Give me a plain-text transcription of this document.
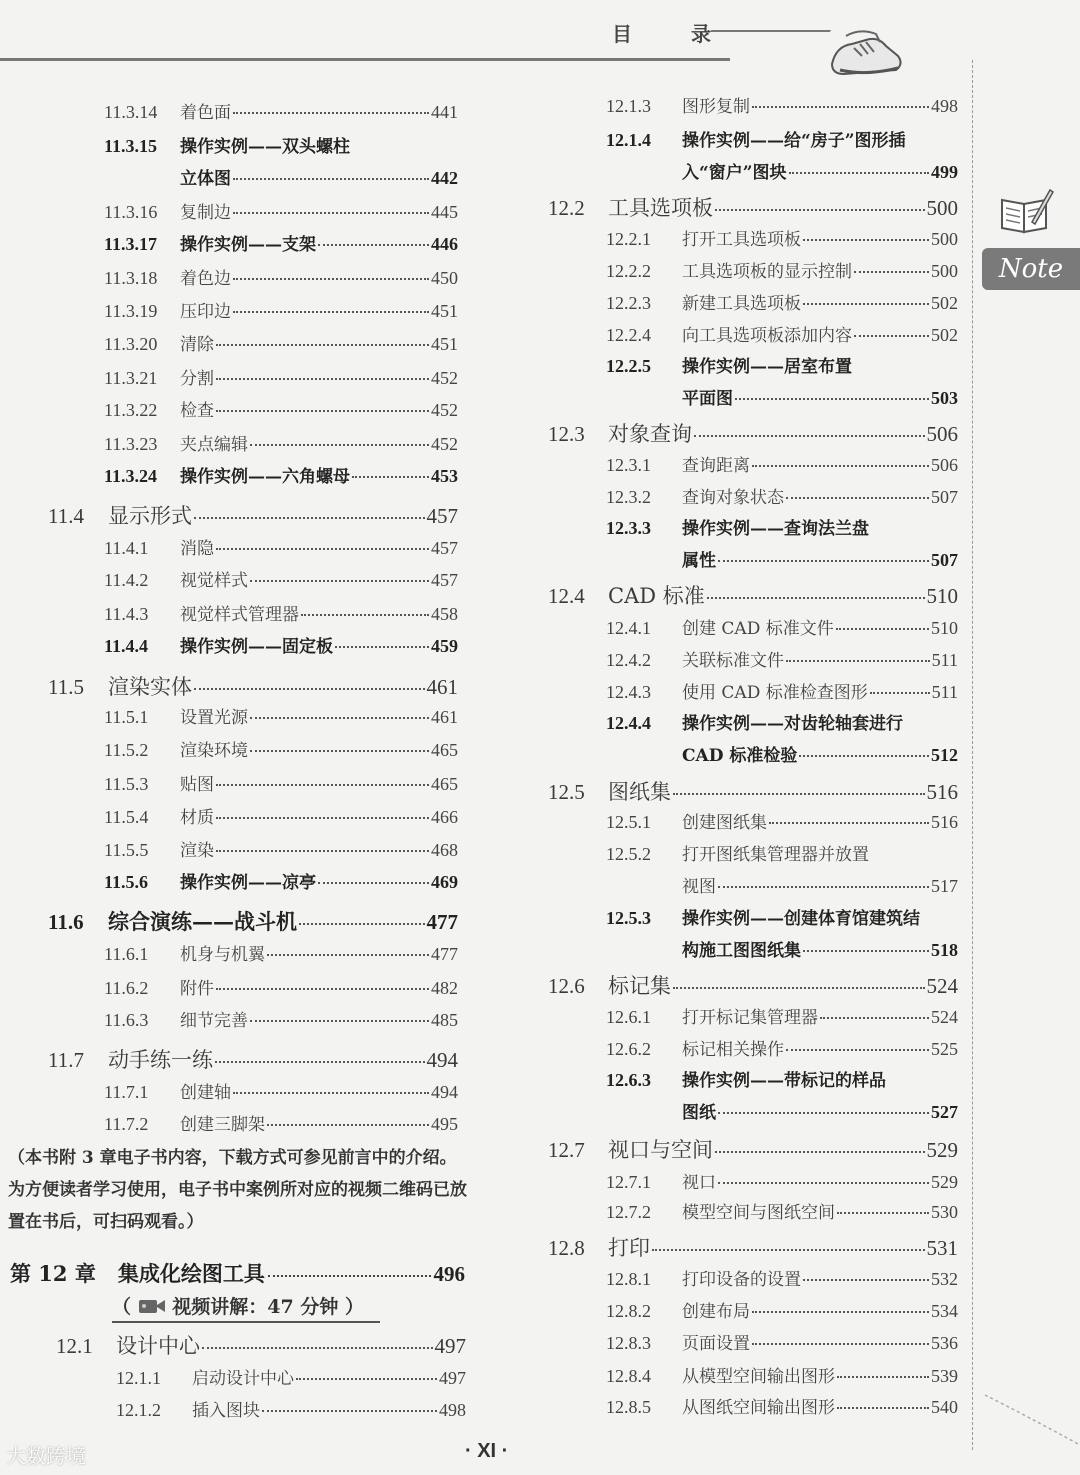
目 录
Note
（本书附 3 章电子书内容，下载方式可参见前言中的介绍。为方便读者学习使用，电子书中案例所对应的视频二维码已放置在书后，可扫码观看。）
第 12 章 集成化绘图工具	496
（ 视频讲解：47 分钟 ）
· XI ·
大数跨境
11.3.14	着色面	441
11.3.15	操作实例——双头螺柱
立体图	442
11.3.16	复制边	445
11.3.17	操作实例——支架	446
11.3.18	着色边	450
11.3.19	压印边	451
11.3.20	清除	451
11.3.21	分割	452
11.3.22	检查	452
11.3.23	夹点编辑	452
11.3.24	操作实例——六角螺母	453
11.4	显示形式	457
11.4.1	消隐	457
11.4.2	视觉样式	457
11.4.3	视觉样式管理器	458
11.4.4	操作实例——固定板	459
11.5	渲染实体	461
11.5.1	设置光源	461
11.5.2	渲染环境	465
11.5.3	贴图	465
11.5.4	材质	466
11.5.5	渲染	468
11.5.6	操作实例——凉亭	469
11.6	综合演练——战斗机	477
11.6.1	机身与机翼	477
11.6.2	附件	482
11.6.3	细节完善	485
11.7	动手练一练	494
11.7.1	创建轴	494
11.7.2	创建三脚架	495
12.1	设计中心	497
12.1.1	启动设计中心	497
12.1.2	插入图块	498
12.1.3	图形复制	498
12.1.4	操作实例——给“房子”图形插
入“窗户”图块	499
12.2	工具选项板	500
12.2.1	打开工具选项板	500
12.2.2	工具选项板的显示控制	500
12.2.3	新建工具选项板	502
12.2.4	向工具选项板添加内容	502
12.2.5	操作实例——居室布置
平面图	503
12.3	对象查询	506
12.3.1	查询距离	506
12.3.2	查询对象状态	507
12.3.3	操作实例——查询法兰盘
属性	507
12.4	CAD 标准	510
12.4.1	创建 CAD 标准文件	510
12.4.2	关联标准文件	511
12.4.3	使用 CAD 标准检查图形	511
12.4.4	操作实例——对齿轮轴套进行
CAD 标准检验	512
12.5	图纸集	516
12.5.1	创建图纸集	516
12.5.2	打开图纸集管理器并放置
视图	517
12.5.3	操作实例——创建体育馆建筑结
构施工图图纸集	518
12.6	标记集	524
12.6.1	打开标记集管理器	524
12.6.2	标记相关操作	525
12.6.3	操作实例——带标记的样品
图纸	527
12.7	视口与空间	529
12.7.1	视口	529
12.7.2	模型空间与图纸空间	530
12.8	打印	531
12.8.1	打印设备的设置	532
12.8.2	创建布局	534
12.8.3	页面设置	536
12.8.4	从模型空间输出图形	539
12.8.5	从图纸空间输出图形	540
